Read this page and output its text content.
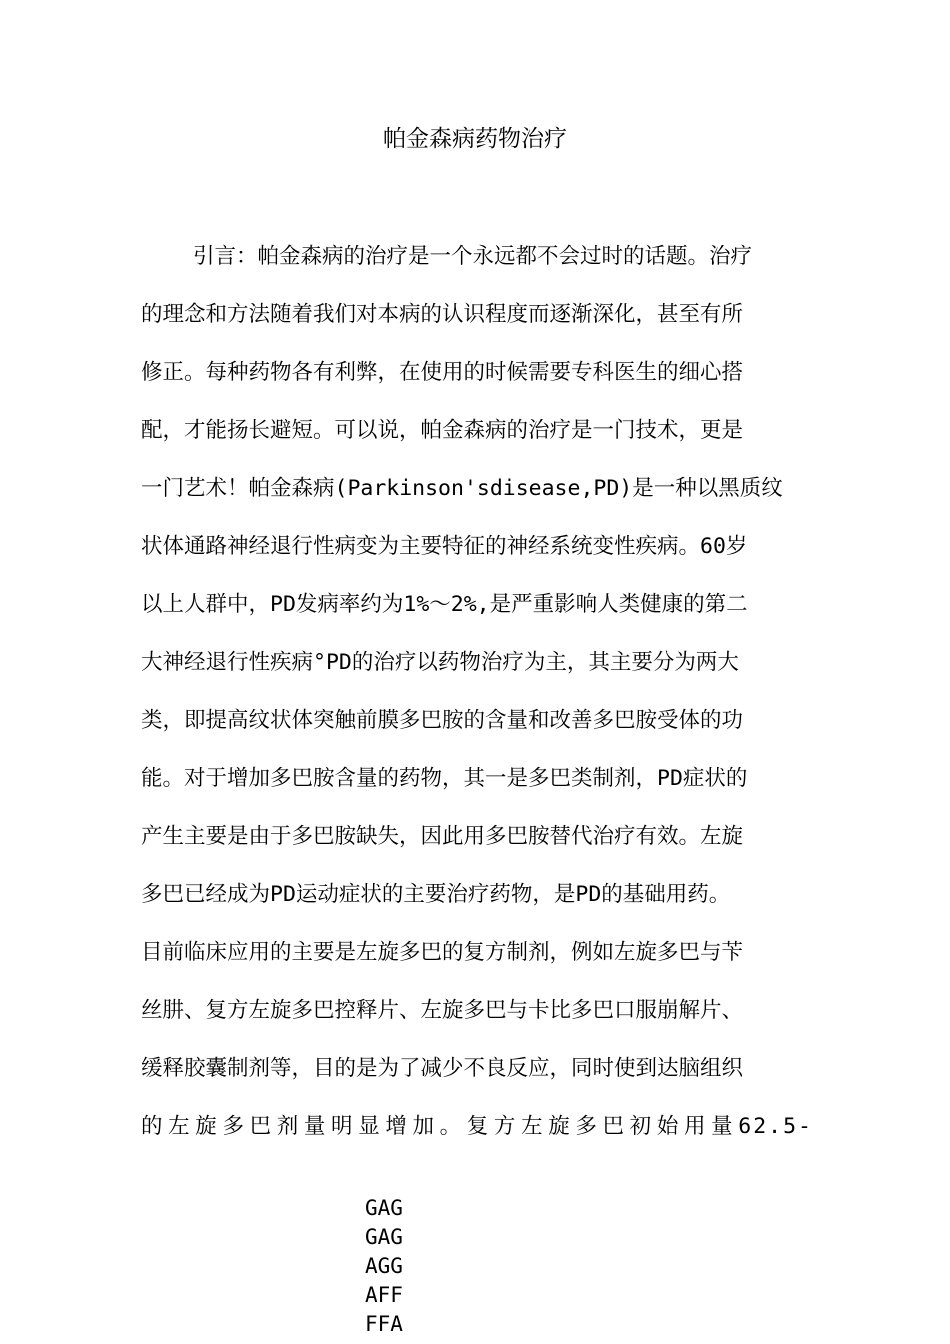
帕金森病药物治疗
引言：帕金森病的治疗是一个永远都不会过时的话题。治疗
的理念和方法随着我们对本病的认识程度而逐渐深化，甚至有所
修正。每种药物各有利弊，在使用的时候需要专科医生的细心搭
配，才能扬长避短。可以说，帕金森病的治疗是一门技术，更是
一门艺术！帕金森病(Parkinson'sdisease,PD)是一种以黑质纹
状体通路神经退行性病变为主要特征的神经系统变性疾病。60岁
以上人群中，PD发病率约为1%〜2%,是严重影响人类健康的第二
大神经退行性疾病°PD的治疗以药物治疗为主，其主要分为两大
类，即提高纹状体突触前膜多巴胺的含量和改善多巴胺受体的功
能。对于增加多巴胺含量的药物，其一是多巴类制剂，PD症状的
产生主要是由于多巴胺缺失，因此用多巴胺替代治疗有效。左旋
多巴已经成为PD运动症状的主要治疗药物，是PD的基础用药。
目前临床应用的主要是左旋多巴的复方制剂，例如左旋多巴与苄
丝肼、复方左旋多巴控释片、左旋多巴与卡比多巴口服崩解片、
缓释胶囊制剂等，目的是为了减少不良反应，同时使到达脑组织
的左旋多巴剂量明显增加。复方左旋多巴初始用量62.5-
GAG
GAG
AGG
AFF
FFA
